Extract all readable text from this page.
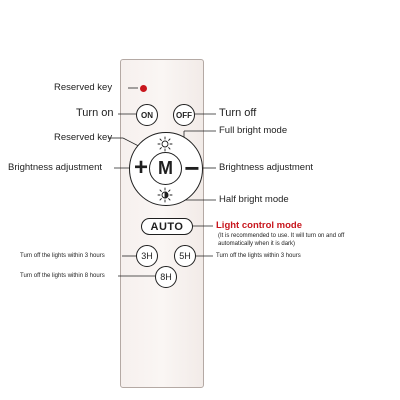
ON	OFF
+ −
M
AUTO
3H	5H
8H
Reserved key
Turn on	Turn off
Reserved key
Full bright mode
Brightness adjustment	Brightness adjustment
Half bright mode
Light control mode
(It is recommended to use. It will turn on and off automatically when it is dark)
Turn off the lights within 3 hours	Turn off the lights within 3 hours
Turn off the lights within 8 hours
